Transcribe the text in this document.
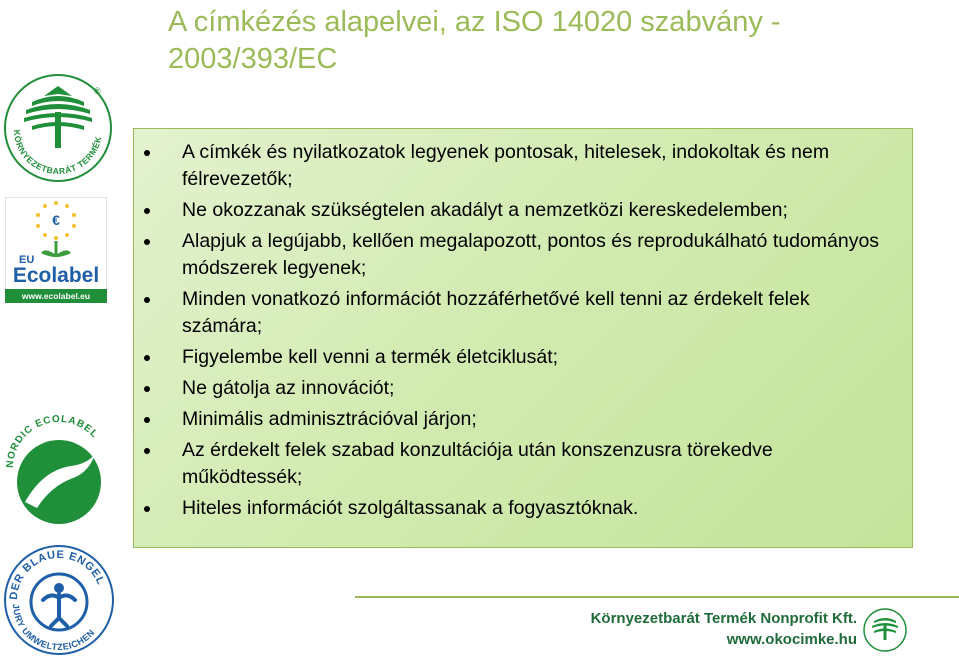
A címkézés alapelvei, az ISO 14020 szabvány - 2003/393/EC
KÖRNYEZETBARÁT TERMÉK
®
€
EU
Ecolabel
www.ecolabel.eu
NORDIC ECOLABEL
DER BLAUE ENGEL
JURY UMWELTZEICHEN
A címkék és nyilatkozatok legyenek pontosak, hitelesek, indokoltak és nem félrevezetők;
Ne okozzanak szükségtelen akadályt a nemzetközi kereskedelemben;
Alapjuk a legújabb, kellően megalapozott, pontos és reprodukálható tudományos módszerek legyenek;
Minden vonatkozó információt hozzáférhetővé kell tenni az érdekelt felek számára;
Figyelembe kell venni a termék életciklusát;
Ne gátolja az innovációt;
Minimális adminisztrációval járjon;
Az érdekelt felek szabad konzultációja után konszenzusra törekedve működtessék;
Hiteles információt szolgáltassanak a fogyasztóknak.
Környezetbarát Termék Nonprofit Kft.
www.okocimke.hu
